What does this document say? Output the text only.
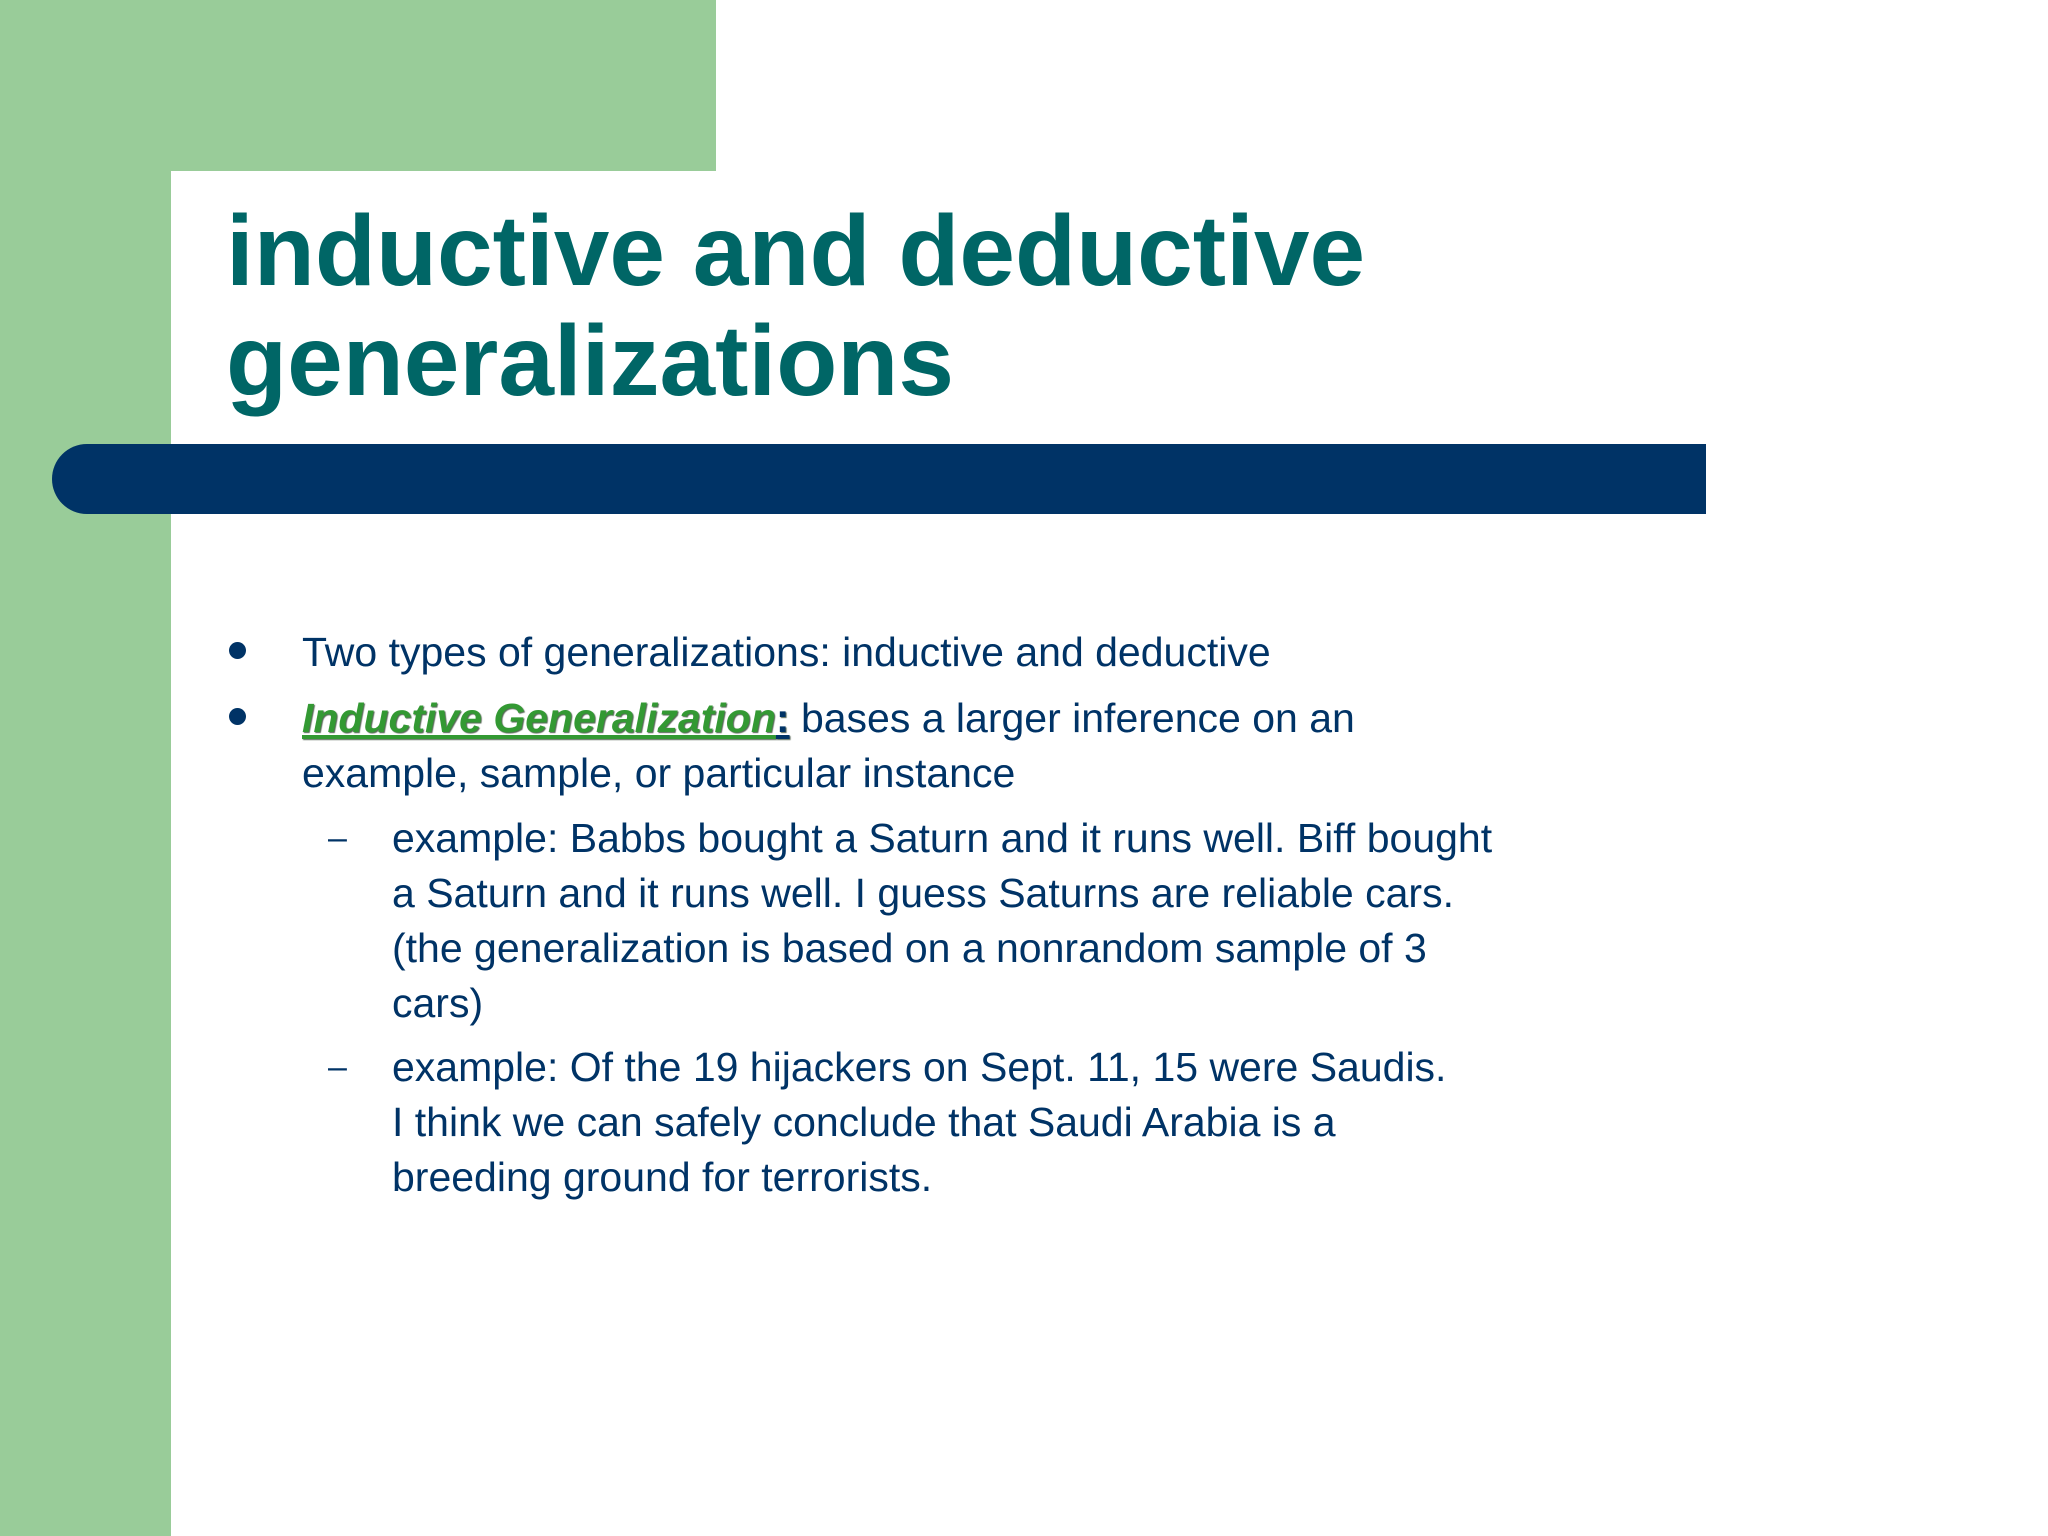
inductive and deductive generalizations

Two types of generalizations: inductive and deductive

Inductive Generalization: bases a larger inference on an example, sample, or particular instance

– example: Babbs bought a Saturn and it runs well. Biff bought a Saturn and it runs well. I guess Saturns are reliable cars. (the generalization is based on a nonrandom sample of 3 cars)

– example: Of the 19 hijackers on Sept. 11, 15 were Saudis. I think we can safely conclude that Saudi Arabia is a breeding ground for terrorists.
